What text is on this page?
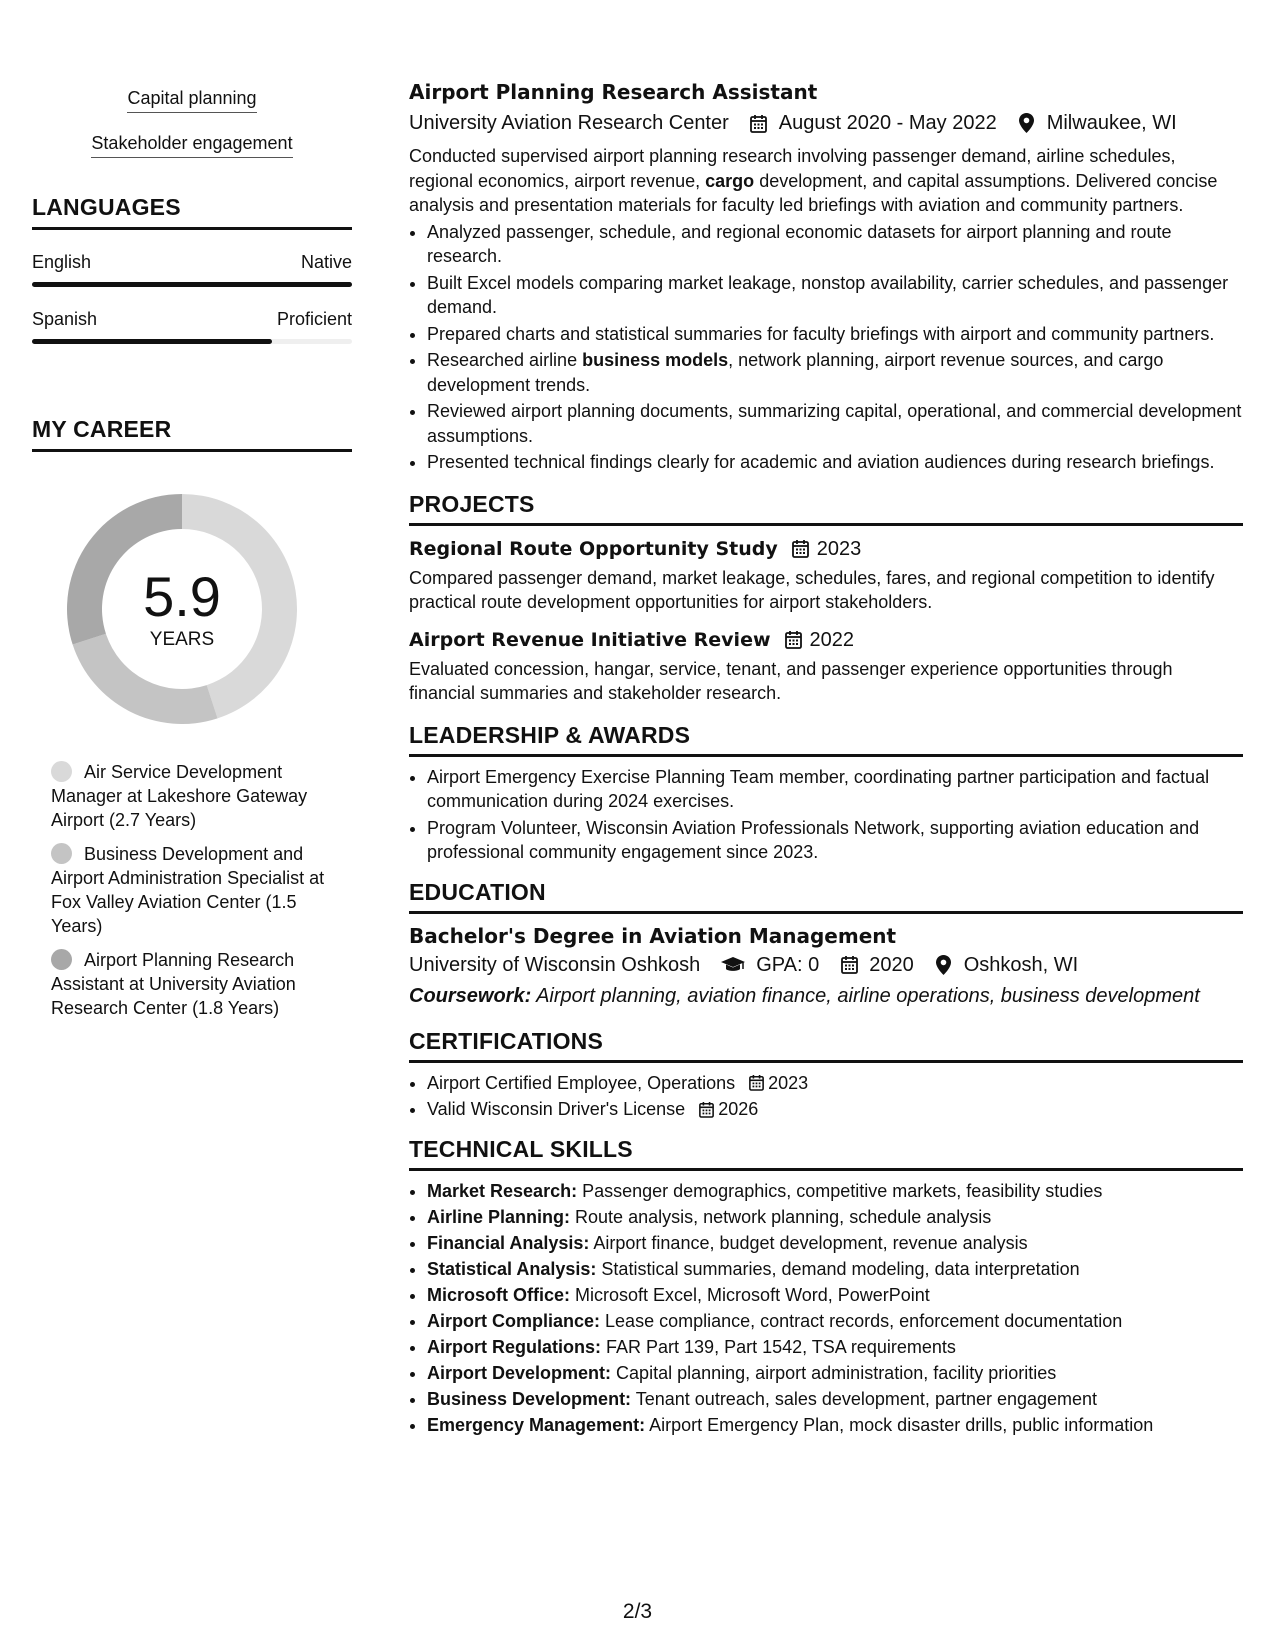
Capital planning
Stakeholder engagement
LANGUAGES
English	Native
Spanish	Proficient
MY CAREER
5.9
YEARS
Air Service Development Manager at Lakeshore Gateway Airport (2.7 Years)
Business Development and Airport Administration Specialist at Fox Valley Aviation Center (1.5 Years)
Airport Planning Research Assistant at University Aviation Research Center (1.8 Years)
Airport Planning Research Assistant
University Aviation Research Center	August 2020 - May 2022	Milwaukee, WI

Conducted supervised airport planning research involving passenger demand, airline schedules, regional economics, airport revenue, cargo development, and capital assumptions. Delivered concise analysis and presentation materials for faculty led briefings with aviation and community partners.

• Analyzed passenger, schedule, and regional economic datasets for airport planning and route research.
• Built Excel models comparing market leakage, nonstop availability, carrier schedules, and passenger demand.
• Prepared charts and statistical summaries for faculty briefings with airport and community partners.
• Researched airline business models, network planning, airport revenue sources, and cargo development trends.
• Reviewed airport planning documents, summarizing capital, operational, and commercial development assumptions.
• Presented technical findings clearly for academic and aviation audiences during research briefings.
PROJECTS
Regional Route Opportunity Study 2023

Compared passenger demand, market leakage, schedules, fares, and regional competition to identify practical route development opportunities for airport stakeholders.

Airport Revenue Initiative Review 2022

Evaluated concession, hangar, service, tenant, and passenger experience opportunities through financial summaries and stakeholder research.

LEADERSHIP & AWARDS
• Airport Emergency Exercise Planning Team member, coordinating partner participation and factual communication during 2024 exercises.
• Program Volunteer, Wisconsin Aviation Professionals Network, supporting aviation education and professional community engagement since 2023.
EDUCATION
Bachelor's Degree in Aviation Management
University of Wisconsin Oshkosh	GPA: 0	2020	Oshkosh, WI
Coursework: Airport planning, aviation finance, airline operations, business development
CERTIFICATIONS
• Airport Certified Employee, Operations 2023
• Valid Wisconsin Driver's License 2026
TECHNICAL SKILLS
• Market Research: Passenger demographics, competitive markets, feasibility studies
• Airline Planning: Route analysis, network planning, schedule analysis
• Financial Analysis: Airport finance, budget development, revenue analysis
• Statistical Analysis: Statistical summaries, demand modeling, data interpretation
• Microsoft Office: Microsoft Excel, Microsoft Word, PowerPoint
• Airport Compliance: Lease compliance, contract records, enforcement documentation
• Airport Regulations: FAR Part 139, Part 1542, TSA requirements
• Airport Development: Capital planning, airport administration, facility priorities
• Business Development: Tenant outreach, sales development, partner engagement
• Emergency Management: Airport Emergency Plan, mock disaster drills, public information
2/3
